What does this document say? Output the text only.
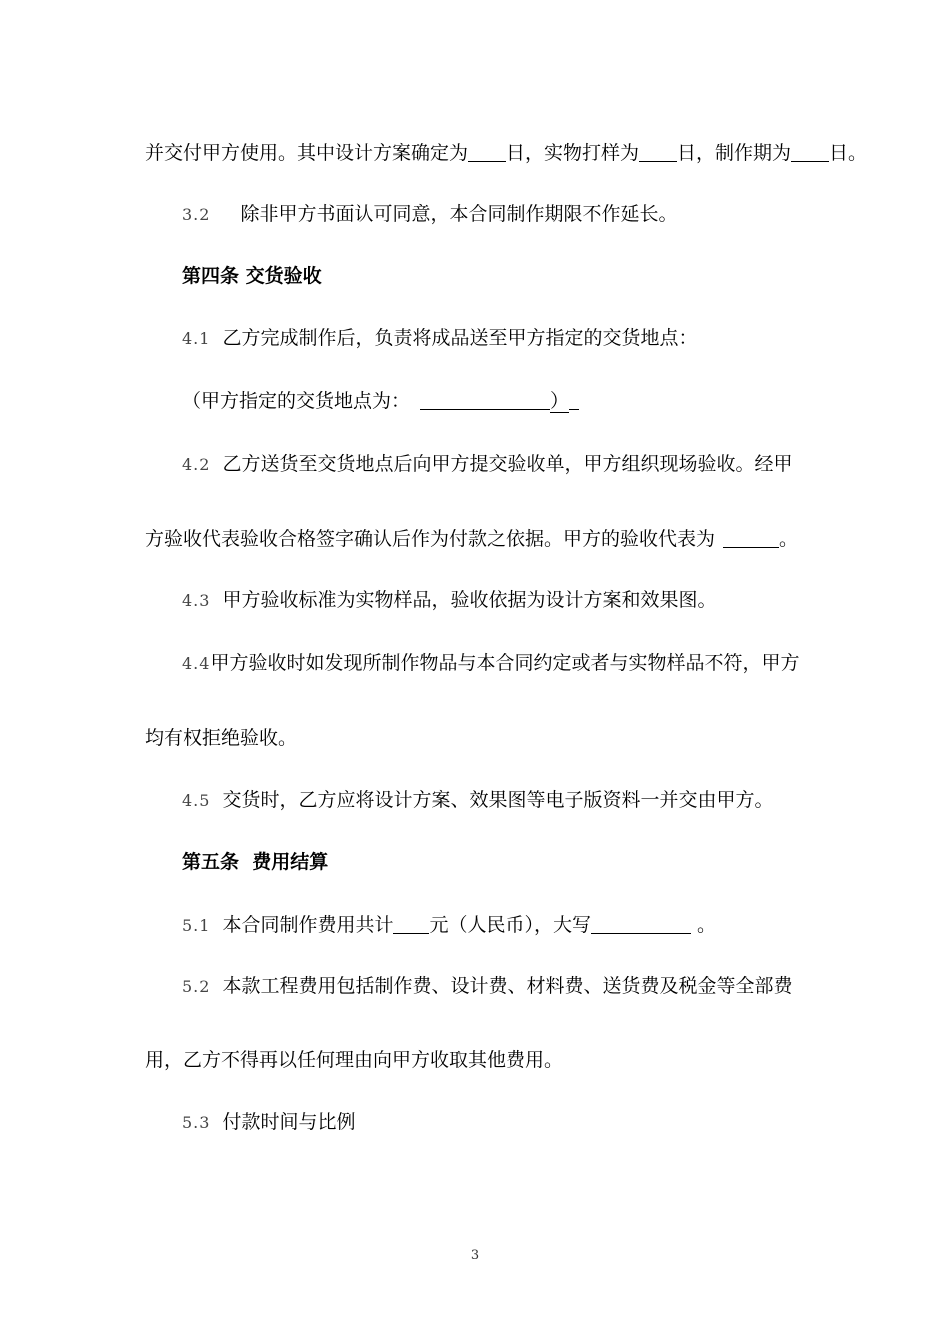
并交付甲方使用。其中设计方案确定为 日，实物打样为 日，制作期为 日。
3.2 除非甲方书面认可同意，本合同制作期限不作延长。
第四条 交货验收
4.1 乙方完成制作后，负责将成品送至甲方指定的交货地点：
（甲方指定的交货地点为：	）
4.2 乙方送货至交货地点后向甲方提交验收单，甲方组织现场验收。经甲
方验收代表验收合格签字确认后作为付款之依据。甲方的验收代表为	。
4.3 甲方验收标准为实物样品，验收依据为设计方案和效果图。
4.4甲方验收时如发现所制作物品与本合同约定或者与实物样品不符，甲方
均有权拒绝验收。
4.5 交货时，乙方应将设计方案、效果图等电子版资料一并交由甲方。
第五条  费用结算
5.1 本合同制作费用共计 元（人民币），大写	。
5.2 本款工程费用包括制作费、设计费、材料费、送货费及税金等全部费
用，乙方不得再以任何理由向甲方收取其他费用。
5.3 付款时间与比例
3
